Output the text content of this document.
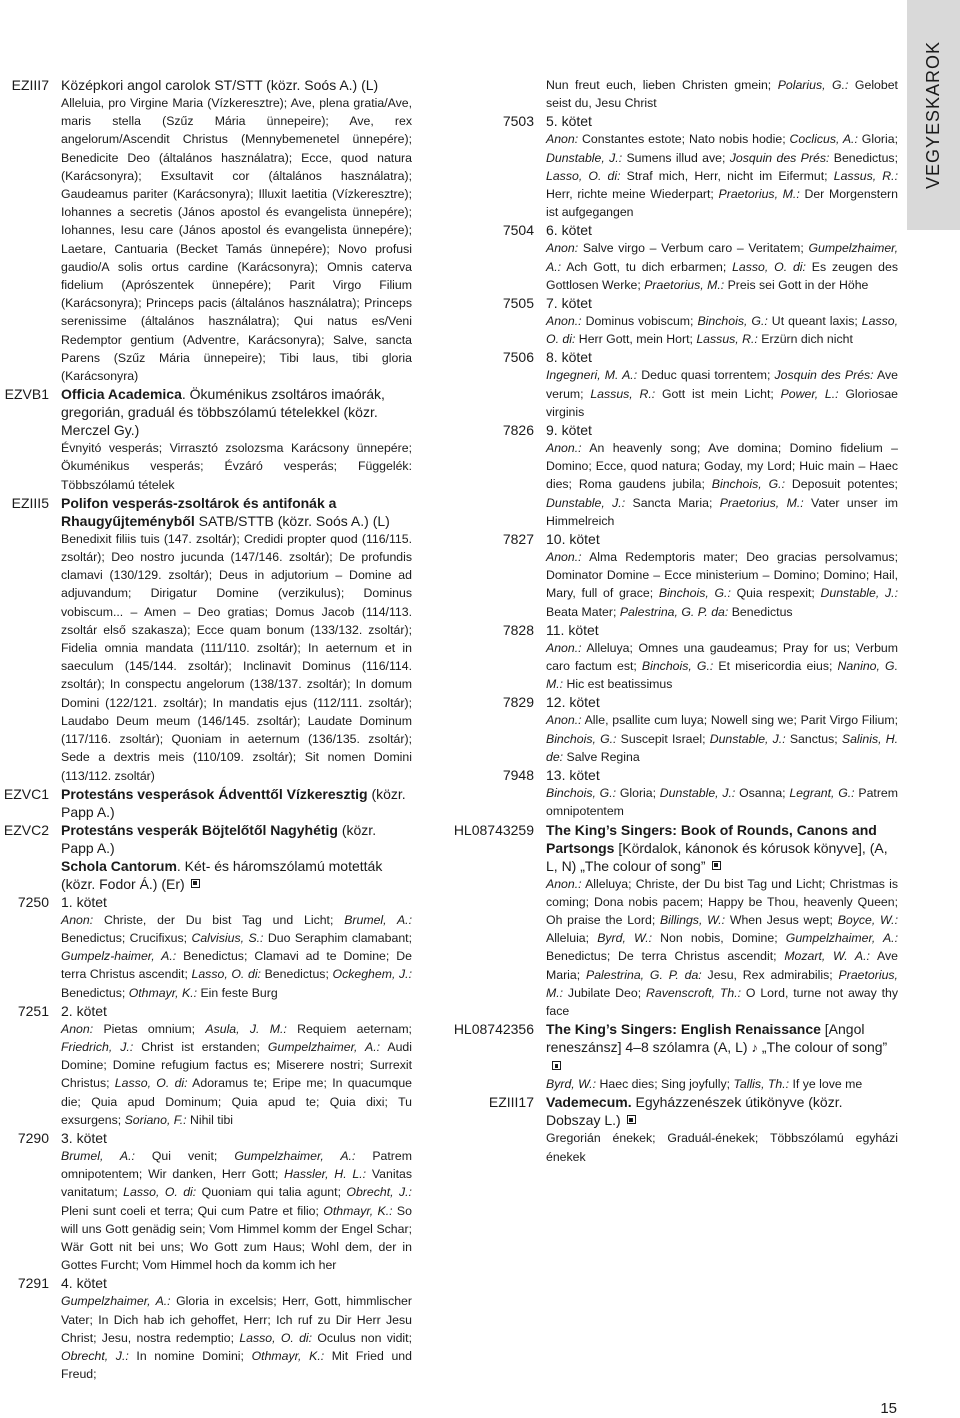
EZIII7 Középkori angol carolok ST/STT (közr. Soós A.) (L)
Alleluia, pro Virgine Maria (Vízkeresztre); Ave, plena gratia/Ave, maris stella (Szűz Mária ünnepeire); Ave, rex angelorum/Ascendit Christus (Mennybemenetel ünnepére); Benedicite Deo (általános használatra); Ecce, quod natura (Karácsonyra); Exsultavit cor (általános használatra); Gaudeamus pariter (Karácsonyra); Illuxit laetitia (Vízkeresztre); Iohannes a secretis (János apostol és evangelista ünnepére); Iohannes, Iesu care (János apostol és evangelista ünnepére); Laetare, Cantuaria (Becket Tamás ünnepére); Novo profusi gaudio/A solis ortus cardine (Karácsonyra); Omnis caterva fidelium (Aprószentek ünnepére); Parit Virgo Filium (Karácsonyra); Princeps pacis (általános használatra); Princeps serenissime (általános használatra); Qui natus es/Veni Redemptor gentium (Adventre, Karácsonyra); Salve, sancta Parens (Szűz Mária ünnepeire); Tibi laus, tibi gloria (Karácsonyra)
EZVB1 Officia Academica. Ökuménikus zsoltáros imaórák, gregorián, graduál és többszólamú tételekkel (közr. Merczel Gy.)
Évnyitó vesperás; Virrasztó zsolozsma Karácsony ünnepére; Ökuménikus vesperás; Évzáró vesperás; Függelék: Többszólamú tételek
EZIII5 Polifon vesperás-zsoltárok és antifonák a Rhaugyűjteményből SATB/STTB (közr. Soós A.) (L)
Benedixit filiis tuis (147. zsoltár); Credidi propter quod (116/115. zsoltár); Deo nostro jucunda (147/146. zsoltár); De profundis clamavi (130/129. zsoltár); Deus in adjutorium – Domine ad adjuvandum; Dirigatur Domine (verzikulus); Dominus vobiscum... – Amen – Deo gratias; Domus Jacob (114/113. zsoltár első szakasza); Ecce quam bonum (133/132. zsoltár); Fidelia omnia mandata (111/110. zsoltár); In aeternum et in saeculum (145/144. zsoltár); Inclinavit Dominus (116/114. zsoltár); In conspectu angelorum (138/137. zsoltár); In domum Domini (122/121. zsoltár); In mandatis ejus (112/111. zsoltár); Laudabo Deum meum (146/145. zsoltár); Laudate Dominum (117/116. zsoltár); Quoniam in aeternum (136/135. zsoltár); Sede a dextris meis (110/109. zsoltár); Sit nomen Domini (113/112. zsoltár)
EZVC1 Protestáns vesperások Ádventtől Vízkeresztig (közr. Papp A.)
EZVC2 Protestáns vesperák Böjtelőtől Nagyhétig (közr. Papp A.)
Schola Cantorum. Két- és háromszólamú motetták (közr. Fodor Á.) (Er)
7250 1. kötet
Anon: Christe, der Du bist Tag und Licht; Brumel, A.: Benedictus; Crucifixus; Calvisius, S.: Duo Seraphim clamabant; Gumpelz-haimer, A.: Benedictus; Clamavi ad te Domine; De terra Christus ascendit; Lasso, O. di: Benedictus; Ockeghem, J.: Benedictus; Othmayr, K.: Ein feste Burg
7251 2. kötet
Anon: Pietas omnium; Asula, J. M.: Requiem aeternam; Friedrich, J.: Christ ist erstanden; Gumpelzhaimer, A.: Audi Domine; Domine refugium factus es; Miserere nostri; Surrexit Christus; Lasso, O. di: Adoramus te; Eripe me; In quacumque die; Quia apud Dominum; Quia apud te; Quia dixi; Tu exsurgens; Soriano, F.: Nihil tibi
7290 3. kötet
Brumel, A.: Qui venit; Gumpelzhaimer, A.: Patrem omnipotentem; Wir danken, Herr Gott; Hassler, H. L.: Vanitas vanitatum; Lasso, O. di: Quoniam qui talia agunt; Obrecht, J.: Pleni sunt coeli et terra; Qui cum Patre et filio; Othmayr, K.: So will uns Gott genädig sein; Vom Himmel komm der Engel Schar; Wär Gott nit bei uns; Wo Gott zum Haus; Wohl dem, der in Gottes Furcht; Vom Himmel hoch da komm ich her
7291 4. kötet
Gumpelzhaimer, A.: Gloria in excelsis; Herr, Gott, himmlischer Vater; In Dich hab ich gehoffet, Herr; Ich ruf zu Dir Herr Jesu Christ; Jesu, nostra redemptio; Lasso, O. di: Oculus non vidit; Obrecht, J.: In nomine Domini; Othmayr, K.: Mit Fried und Freud;
Nun freut euch, lieben Christen gmein; Polarius, G.: Gelobet seist du, Jesu Christ
7503 5. kötet
Anon: Constantes estote; Nato nobis hodie; Coclicus, A.: Gloria; Dunstable, J.: Sumens illud ave; Josquin des Prés: Benedictus; Lasso, O. di: Straf mich, Herr, nicht im Eifermut; Lassus, R.: Herr, richte meine Wiederpart; Praetorius, M.: Der Morgenstern ist aufgegangen
7504 6. kötet
Anon: Salve virgo – Verbum caro – Veritatem; Gumpelzhaimer, A.: Ach Gott, tu dich erbarmen; Lasso, O. di: Es zeugen des Gottlosen Werke; Praetorius, M.: Preis sei Gott in der Höhe
7505 7. kötet
Anon.: Dominus vobiscum; Binchois, G.: Ut queant laxis; Lasso, O. di: Herr Gott, mein Hort; Lassus, R.: Erzürn dich nicht
7506 8. kötet
Ingegneri, M. A.: Deduc quasi torrentem; Josquin des Prés: Ave verum; Lassus, R.: Gott ist mein Licht; Power, L.: Gloriosae virginis
7826 9. kötet
Anon.: An heavenly song; Ave domina; Domino fidelium – Domino; Ecce, quod natura; Goday, my Lord; Huic main – Haec dies; Roma gaudens jubila; Binchois, G.: Deposuit potentes; Dunstable, J.: Sancta Maria; Praetorius, M.: Vater unser im Himmelreich
7827 10. kötet
Anon.: Alma Redemptoris mater; Deo gracias persolvamus; Dominator Domine – Ecce ministerium – Domino; Domino; Hail, Mary, full of grace; Binchois, G.: Quia respexit; Dunstable, J.: Beata Mater; Palestrina, G. P. da: Benedictus
7828 11. kötet
Anon.: Alleluya; Omnes una gaudeamus; Pray for us; Verbum caro factum est; Binchois, G.: Et misericordia eius; Nanino, G. M.: Hic est beatissimus
7829 12. kötet
Anon.: Alle, psallite cum luya; Nowell sing we; Parit Virgo Filium; Binchois, G.: Suscepit Israel; Dunstable, J.: Sanctus; Salinis, H. de: Salve Regina
7948 13. kötet
Binchois, G.: Gloria; Dunstable, J.: Osanna; Legrant, G.: Patrem omnipotentem
HL08743259 The King’s Singers: Book of Rounds, Canons and Partsongs [Kördalok, kánonok és kórusok könyve], (A, L, N) „The colour of song”
Anon.: Alleluya; Christe, der Du bist Tag und Licht; Christmas is coming; Dona nobis pacem; Happy be Thou, heavenly Queen; Oh praise the Lord; Billings, W.: When Jesus wept; Boyce, W.: Alleluia; Byrd, W.: Non nobis, Domine; Gumpelzhaimer, A.: Benedictus; De terra Christus ascendit; Mozart, W. A.: Ave Maria; Palestrina, G. P. da: Jesu, Rex admirabilis; Praetorius, M.: Jubilate Deo; Ravenscroft, Th.: O Lord, turne not away thy face
HL08742356 The King’s Singers: English Renaissance [Angol reneszánsz] 4–8 szólamra (A, L) ♪ „The colour of song”
Byrd, W.: Haec dies; Sing joyfully; Tallis, Th.: If ye love me
EZIII17 Vademecum. Egyházzenészek útikönyve (közr. Dobszay L.)
Gregorián énekek; Graduál-énekek; Többszólamú egyházi énekek
VEGYESKAROK
15
